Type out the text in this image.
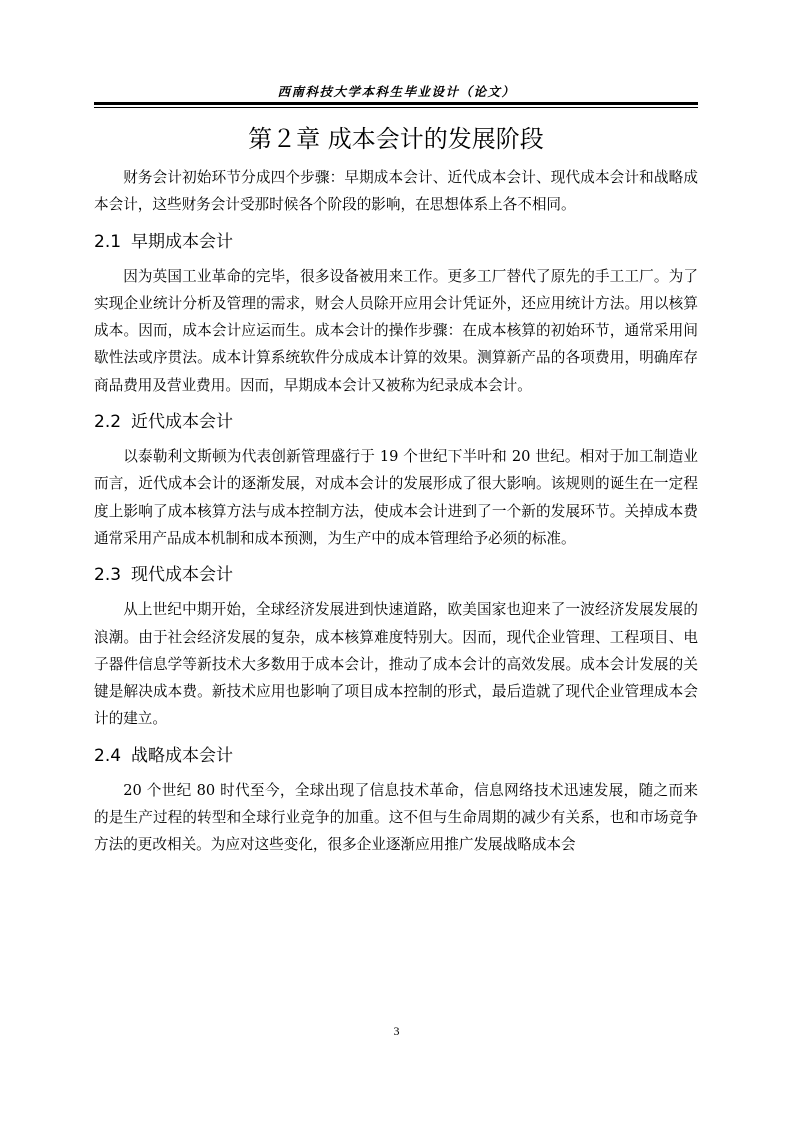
西南科技大学本科生毕业设计（论文）
第２章 成本会计的发展阶段

财务会计初始环节分成四个步骤：早期成本会计、近代成本会计、现代成本会计和战略成本会计，这些财务会计受那时候各个阶段的影响，在思想体系上各不相同。

2.1 早期成本会计

因为英国工业革命的完毕，很多设备被用来工作。更多工厂替代了原先的手工工厂。为了实现企业统计分析及管理的需求，财会人员除开应用会计凭证外，还应用统计方法。用以核算成本。因而，成本会计应运而生。成本会计的操作步骤：在成本核算的初始环节，通常采用间歇性法或序贯法。成本计算系统软件分成成本计算的效果。测算新产品的各项费用，明确库存商品费用及营业费用。因而，早期成本会计又被称为纪录成本会计。

2.2 近代成本会计

以泰勒利文斯顿为代表创新管理盛行于 19 个世纪下半叶和 20 世纪。相对于加工制造业而言，近代成本会计的逐渐发展，对成本会计的发展形成了很大影响。该规则的诞生在一定程度上影响了成本核算方法与成本控制方法，使成本会计进到了一个新的发展环节。关掉成本费通常采用产品成本机制和成本预测，为生产中的成本管理给予必须的标准。

2.3 现代成本会计

从上世纪中期开始，全球经济发展进到快速道路，欧美国家也迎来了一波经济发展发展的浪潮。由于社会经济发展的复杂，成本核算难度特别大。因而，现代企业管理、工程项目、电子器件信息学等新技术大多数用于成本会计，推动了成本会计的高效发展。成本会计发展的关键是解决成本费。新技术应用也影响了项目成本控制的形式，最后造就了现代企业管理成本会计的建立。

2.4 战略成本会计

20 个世纪 80 时代至今，全球出现了信息技术革命，信息网络技术迅速发展，随之而来的是生产过程的转型和全球行业竞争的加重。这不但与生命周期的减少有关系，也和市场竞争方法的更改相关。为应对这些变化，很多企业逐渐应用推广发展战略成本会

3
